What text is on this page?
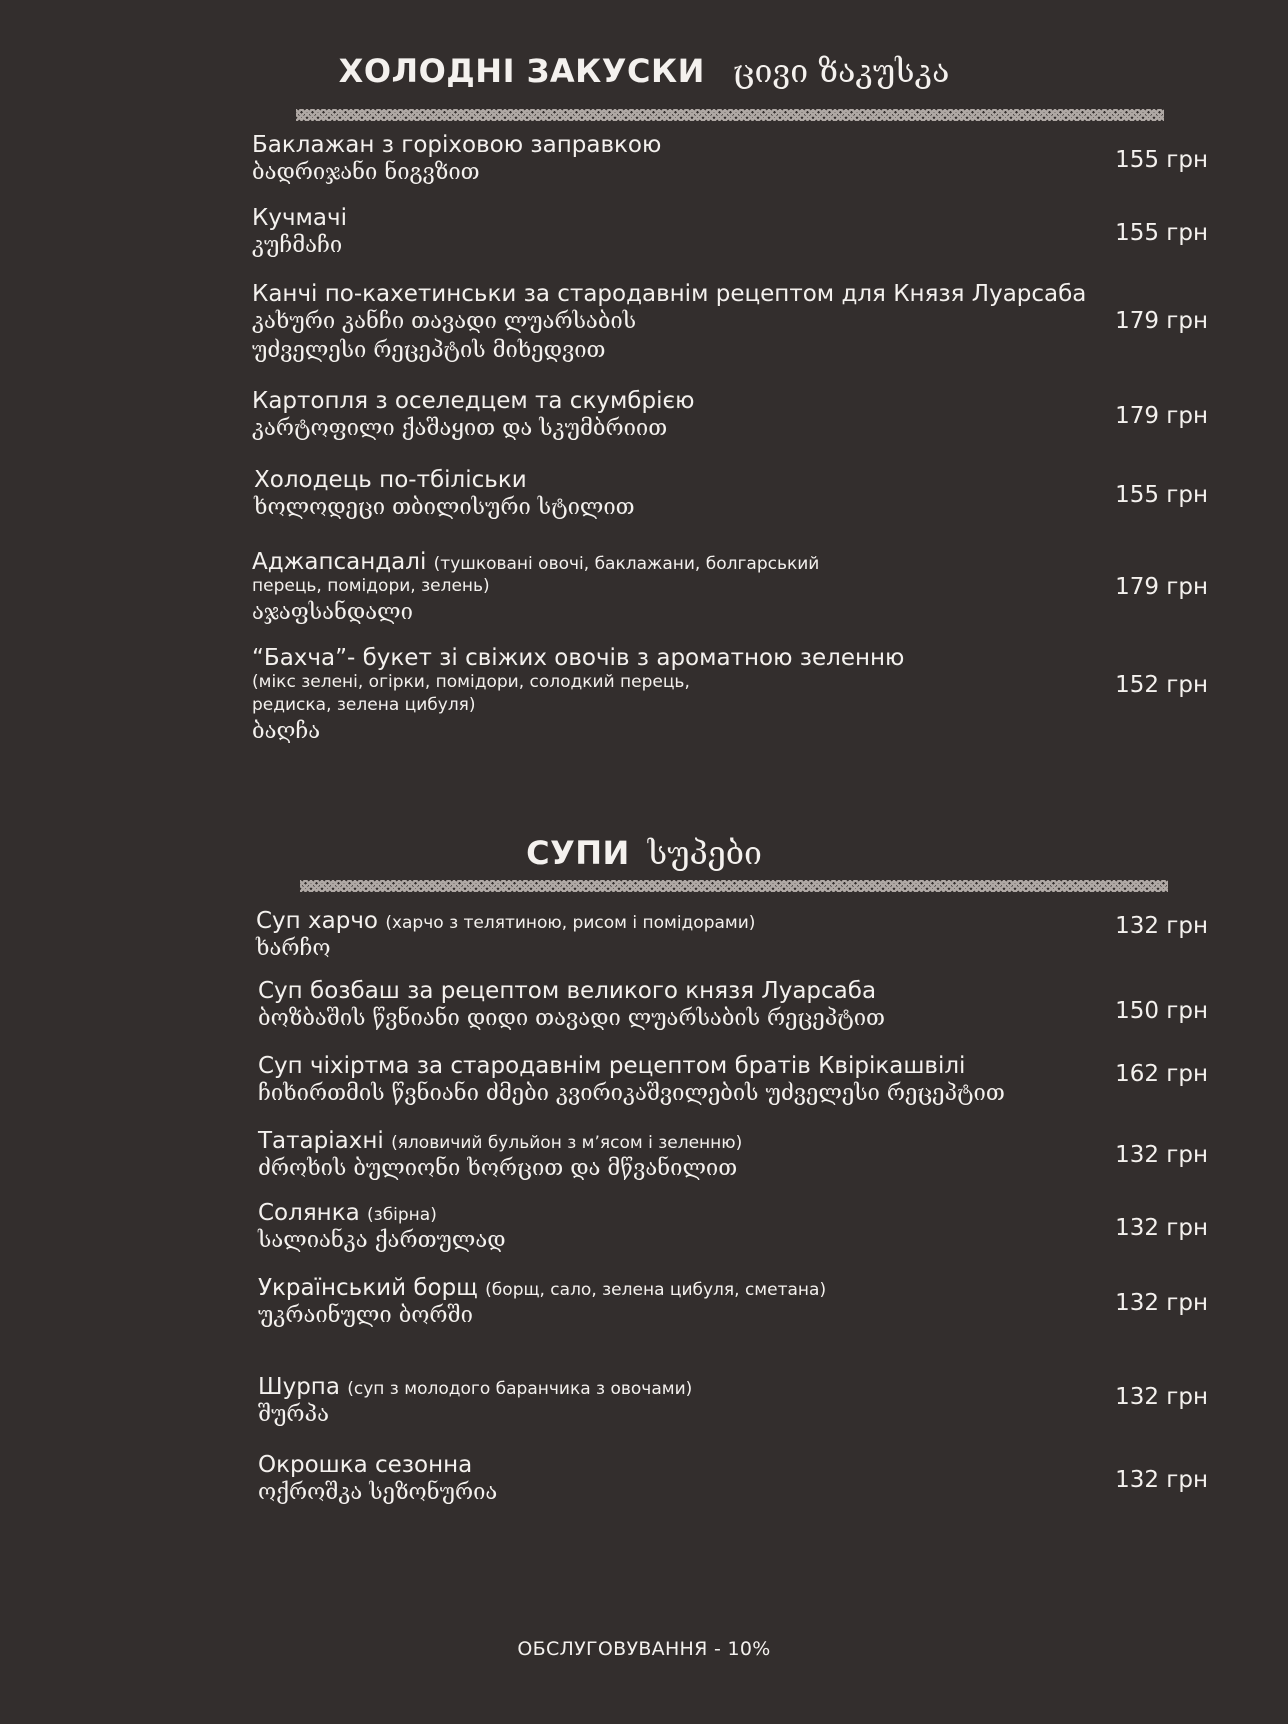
ХОЛОДНІ ЗАКУСКИ ცივი ზაკუსკა
Баклажан з горіховою заправкою
ბადრიჯანი ნიგვზით	155 грн
Кучмачі
კუჩმაჩი	155 грн
Канчі по-кахетинськи за стародавнім рецептом для Князя Луарсаба
კახური კანჩი თავადი ლუარსაბის
უძველესი რეცეპტის მიხედვით
179 грн
Картопля з оселедцем та скумбрією
კარტოფილი ქაშაყით და სკუმბრიით	179 грн
Холодець по-тбіліськи
ხოლოდეცი თბილისური სტილით	155 грн
Аджапсандалі (тушковані овочі, баклажани, болгарський
перець, помідори, зелень)
აჯაფსანდალი
179 грн
“Бахча”- букет зі свіжих овочів з ароматною зеленню
(мікс зелені, огірки, помідори, солодкий перець,
редиска, зелена цибуля)
ბაღჩა
152 грн
СУПИ სუპები
Суп харчо (харчо з телятиною, рисом і помідорами)
ხარჩო
132 грн
Суп бозбаш за рецептом великого князя Луарсаба
ბოზბაშის წვნიანი დიდი თავადი ლუარსაბის რეცეპტით	150 грн
Суп чіхіртма за стародавнім рецептом братів Квірікашвілі
ჩიხირთმის წვნიანი ძმები კვირიკაშვილების უძველესი რეცეპტით
162 грн
Татаріахні (яловичий бульйон з м’ясом і зеленню)
ძროხის ბულიონი ხორცით და მწვანილით
132 грн
Солянка (збірна)
სალიანკა ქართულად	132 грн
Український борщ (борщ, сало, зелена цибуля, сметана)
უკრაინული ბორში	132 грн
Шурпа (суп з молодого баранчика з овочами)
შურპა
132 грн
Окрошка сезонна
ოქროშკა სეზონურია	132 грн
ОБСЛУГОВУВАННЯ - 10%
